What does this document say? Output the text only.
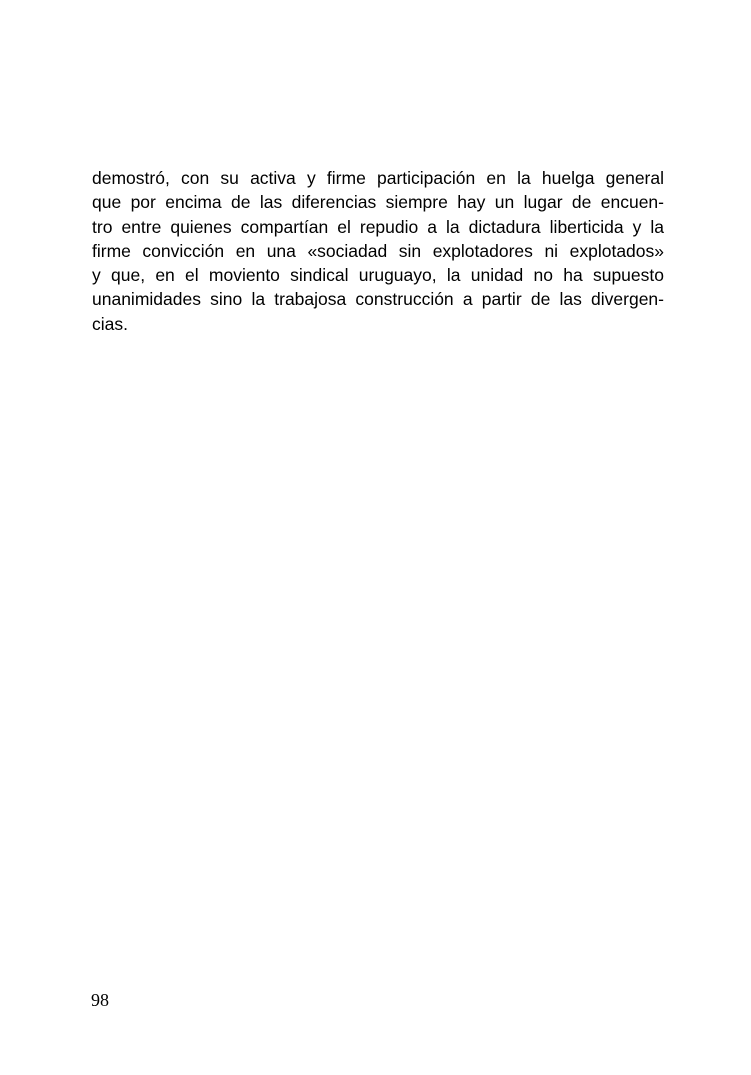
demostró, con su activa y firme participación en la huelga general
que por encima de las diferencias siempre hay un lugar de encuen-
tro entre quienes compartían el repudio a la dictadura liberticida y la
firme convicción en una «sociadad sin explotadores ni explotados»
y que, en el moviento sindical uruguayo, la unidad no ha supuesto
unanimidades sino la trabajosa construcción a partir de las divergen-
cias.

98
